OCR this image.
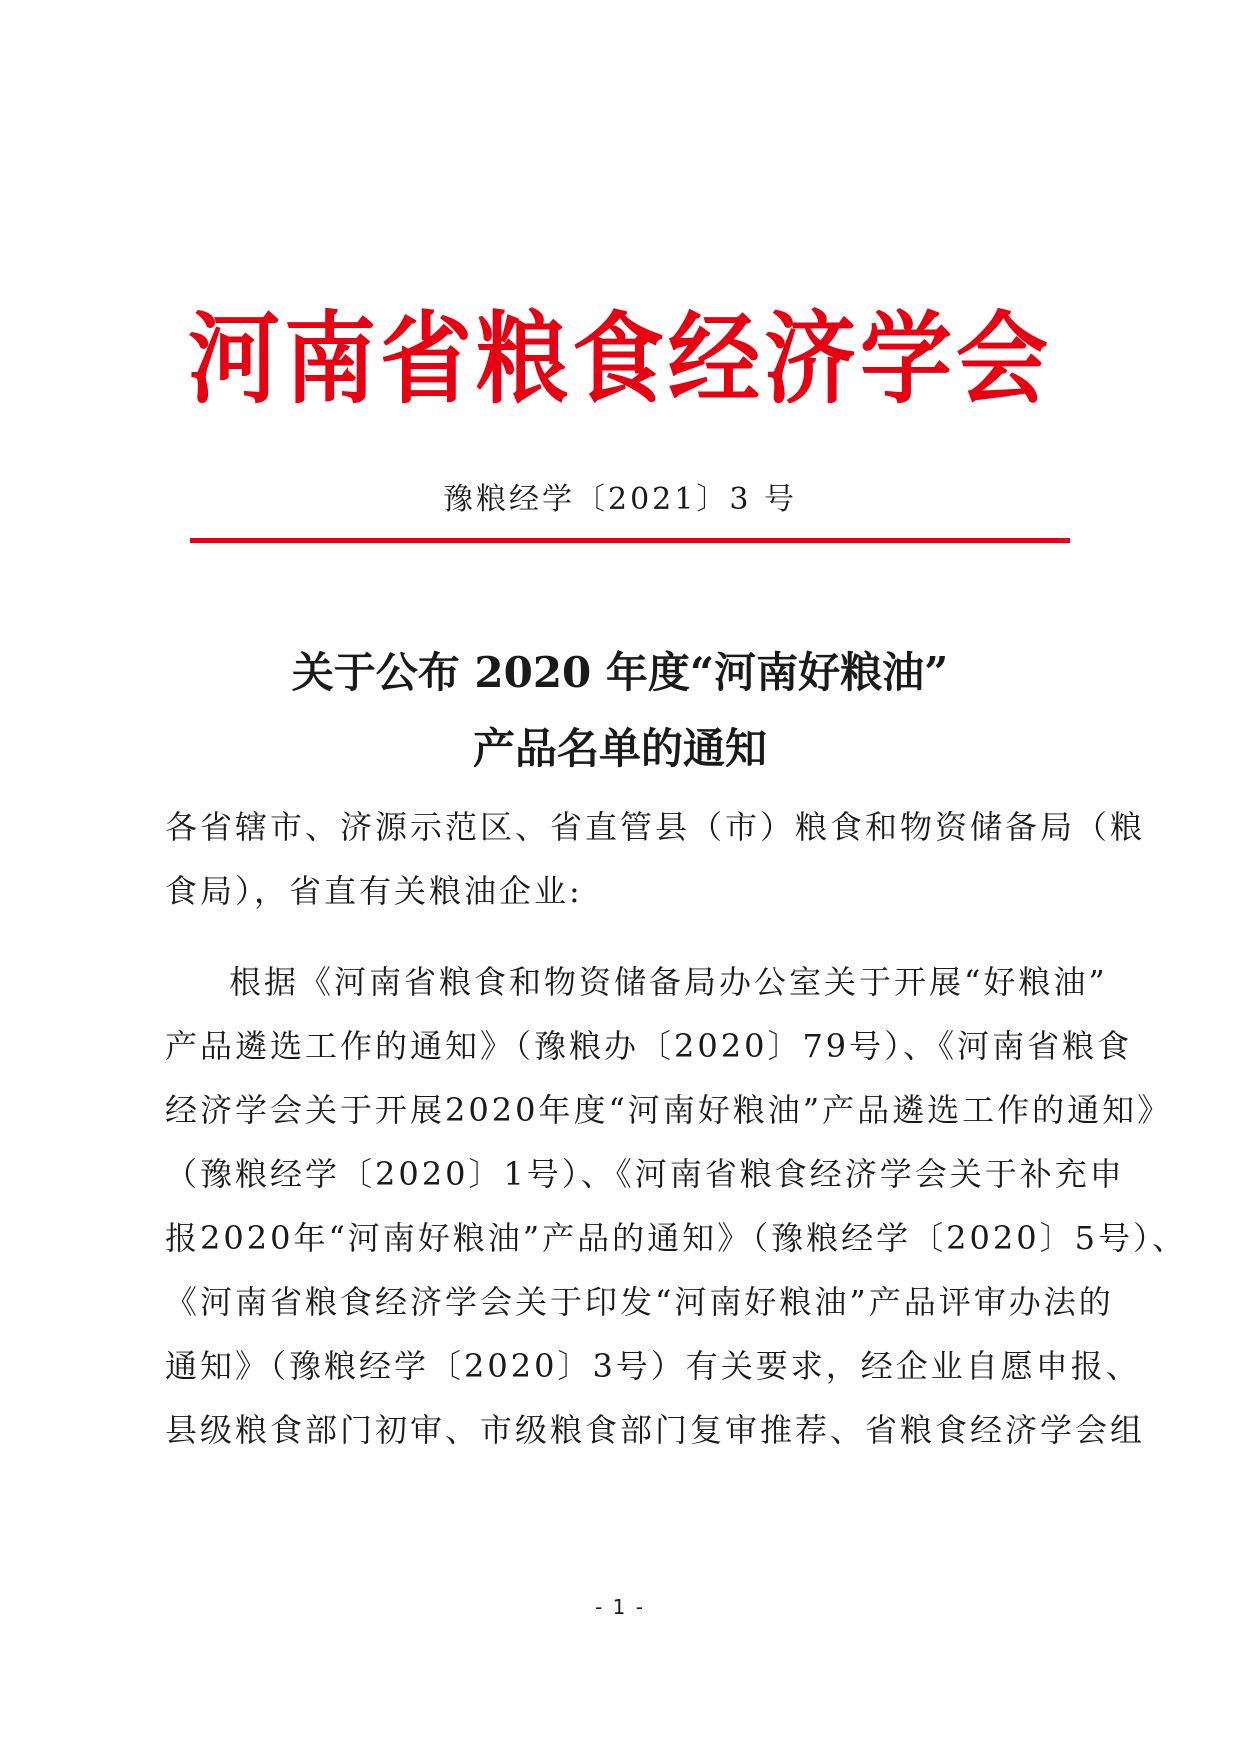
河南省粮食经济学会
豫粮经学〔2021〕3 号
关于公布 2020 年度“河南好粮油”
产品名单的通知
各省辖市、济源示范区、省直管县（市）粮食和物资储备局（粮
食局），省直有关粮油企业:
根据《河南省粮食和物资储备局办公室关于开展“好粮油”
产品遴选工作的通知》（豫粮办〔2020〕79号）、《河南省粮食
经济学会关于开展2020年度“河南好粮油”产品遴选工作的通知》
（豫粮经学〔2020〕1号）、《河南省粮食经济学会关于补充申
报2020年“河南好粮油”产品的通知》（豫粮经学〔2020〕5号）、
《河南省粮食经济学会关于印发“河南好粮油”产品评审办法的
通知》（豫粮经学〔2020〕3号）有关要求，经企业自愿申报、
县级粮食部门初审、市级粮食部门复审推荐、省粮食经济学会组
- 1 -
